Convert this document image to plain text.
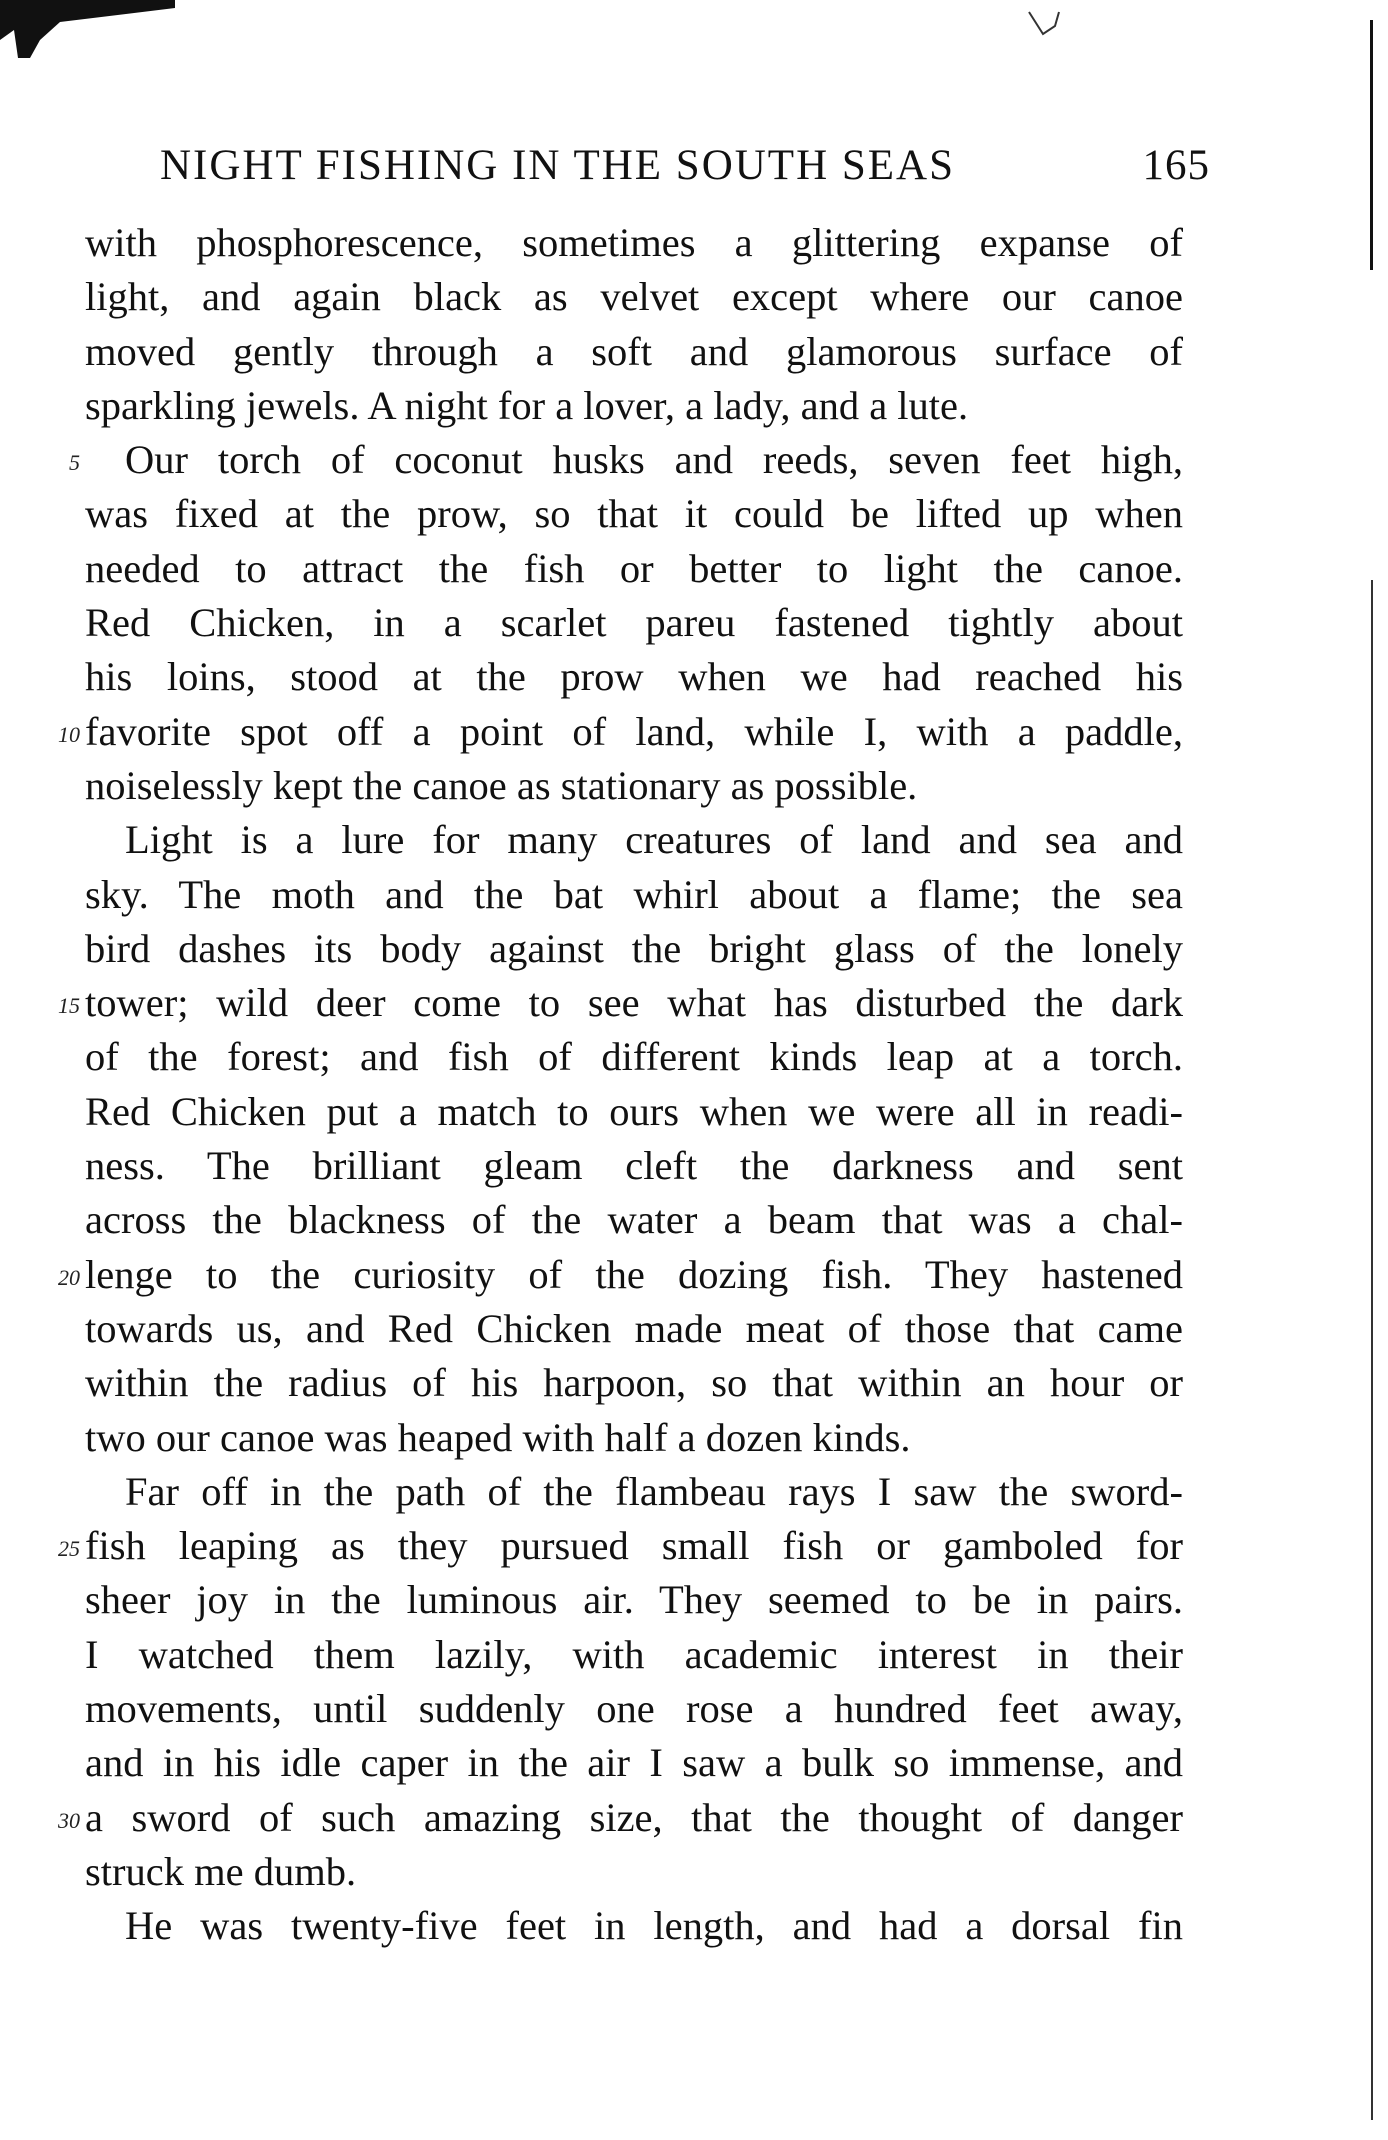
NIGHT FISHING IN THE SOUTH SEAS	165
5
10
15
20
25
30
with phosphorescence, sometimes a glittering expanse of
light, and again black as velvet except where our canoe
moved gently through a soft and glamorous surface of
sparkling jewels. A night for a lover, a lady, and a lute.
Our torch of coconut husks and reeds, seven feet high,
was fixed at the prow, so that it could be lifted up when
needed to attract the fish or better to light the canoe.
Red Chicken, in a scarlet pareu fastened tightly about
his loins, stood at the prow when we had reached his
favorite spot off a point of land, while I, with a paddle,
noiselessly kept the canoe as stationary as possible.
Light is a lure for many creatures of land and sea and
sky. The moth and the bat whirl about a flame; the sea
bird dashes its body against the bright glass of the lonely
tower; wild deer come to see what has disturbed the dark
of the forest; and fish of different kinds leap at a torch.
Red Chicken put a match to ours when we were all in readi-
ness. The brilliant gleam cleft the darkness and sent
across the blackness of the water a beam that was a chal-
lenge to the curiosity of the dozing fish. They hastened
towards us, and Red Chicken made meat of those that came
within the radius of his harpoon, so that within an hour or
two our canoe was heaped with half a dozen kinds.
Far off in the path of the flambeau rays I saw the sword-
fish leaping as they pursued small fish or gamboled for
sheer joy in the luminous air. They seemed to be in pairs.
I watched them lazily, with academic interest in their
movements, until suddenly one rose a hundred feet away,
and in his idle caper in the air I saw a bulk so immense, and
a sword of such amazing size, that the thought of danger
struck me dumb.
He was twenty-five feet in length, and had a dorsal fin
